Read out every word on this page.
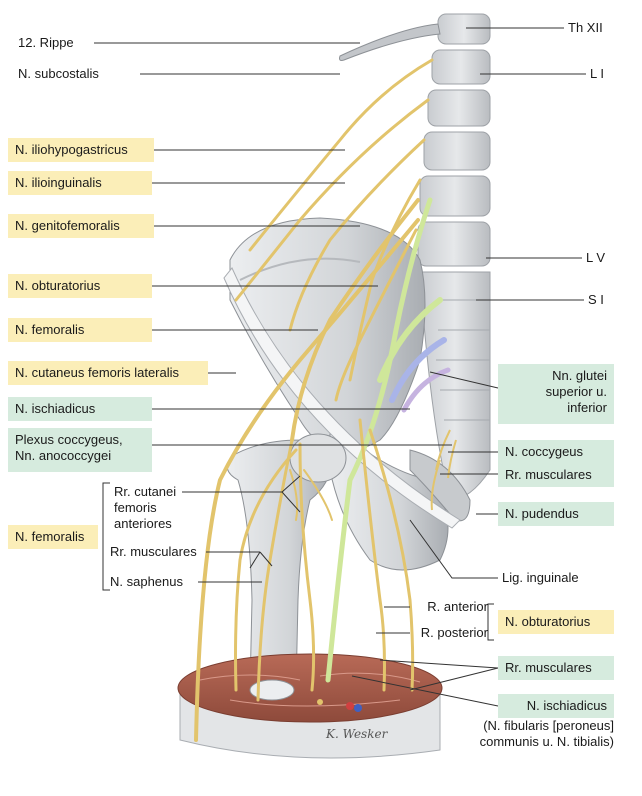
K. Wesker
12. Rippe
N. subcostalis
N. iliohypogastricus
N. ilioinguinalis
N. genitofemoralis
N. obturatorius
N. femoralis
N. cutaneus femoris lateralis
N. ischiadicus
Plexus coccygeus,
Nn. anococcygei
N. femoralis
Rr. cutanei
femoris
anteriores
Rr. musculares
N. saphenus
Th XII
L I
L V
S I
Nn. glutei
superior u.
inferior
N. coccygeus
Rr. musculares
N. pudendus
Lig. inguinale
R. anterior
R. posterior
N. obturatorius
Rr. musculares
N. ischiadicus
(N. fibularis [peroneus]
communis u. N. tibialis)
